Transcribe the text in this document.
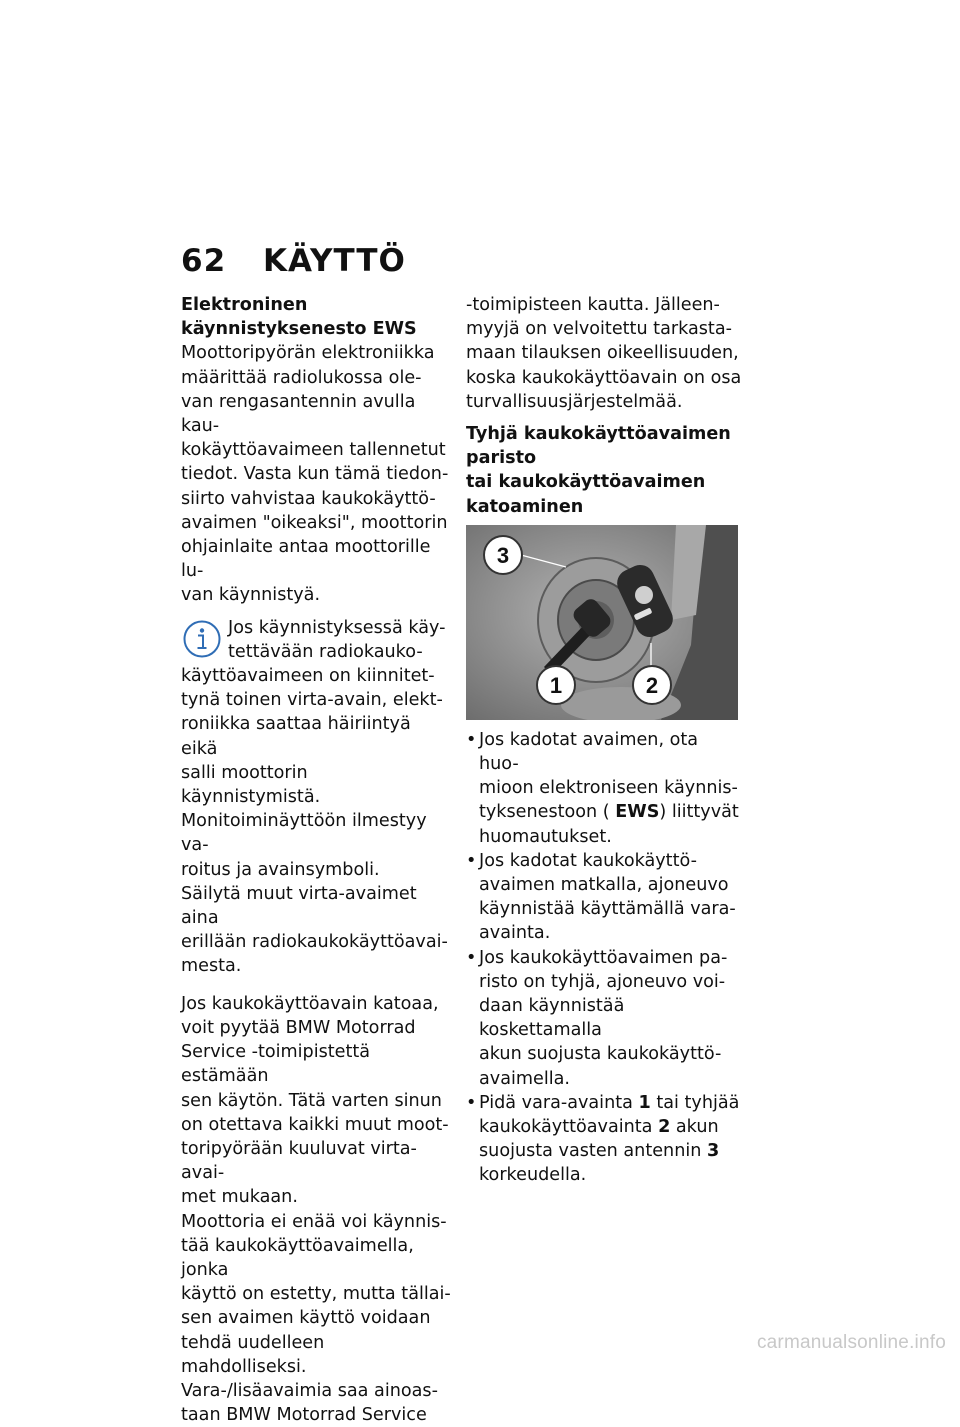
62 KÄYTTÖ
Elektroninen
käynnistyksenesto EWS
Moottoripyörän elektroniikka
määrittää radiolukossa ole-
van rengasantennin avulla kau-
kokäyttöavaimeen tallennetut
tiedot. Vasta kun tämä tiedon-
siirto vahvistaa kaukokäyttö-
avaimen "oikeaksi", moottorin
ohjainlaite antaa moottorille lu-
van käynnistyä.
Jos käynnistyksessä käy-
tettävään radiokauko-
käyttöavaimeen on kiinnitet-
tynä toinen virta-avain, elekt-
roniikka saattaa häiriintyä eikä
salli moottorin käynnistymistä.
Monitoiminäyttöön ilmestyy va-
roitus ja avainsymboli.
Säilytä muut virta-avaimet aina
erillään radiokaukokäyttöavai-
mesta.
Jos kaukokäyttöavain katoaa,
voit pyytää BMW Motorrad
Service -toimipistettä estämään
sen käytön. Tätä varten sinun
on otettava kaikki muut moot-
toripyörään kuuluvat virta-avai-
met mukaan.
Moottoria ei enää voi käynnis-
tää kaukokäyttöavaimella, jonka
käyttö on estetty, mutta tällai-
sen avaimen käyttö voidaan
tehdä uudelleen mahdolliseksi.
Vara-/lisäavaimia saa ainoas-
taan BMW Motorrad Service
-toimipisteen kautta. Jälleen-
myyjä on velvoitettu tarkasta-
maan tilauksen oikeellisuuden,
koska kaukokäyttöavain on osa
turvallisuusjärjestelmää.
Tyhjä kaukokäyttöavaimen
paristo
tai kaukokäyttöavaimen
katoaminen
3
1	2
• Jos kadotat avaimen, ota huo-
mioon elektroniseen käynnis-
tyksenestoon ( EWS) liittyvät
huomautukset.
• Jos kadotat kaukokäyttö-
avaimen matkalla, ajoneuvo
käynnistää käyttämällä vara-
avainta.
• Jos kaukokäyttöavaimen pa-
risto on tyhjä, ajoneuvo voi-
daan käynnistää koskettamalla
akun suojusta kaukokäyttö-
avaimella.
• Pidä vara-avainta 1 tai tyhjää
kaukokäyttöavainta 2 akun
suojusta vasten antennin 3
korkeudella.
carmanualsonline.info
